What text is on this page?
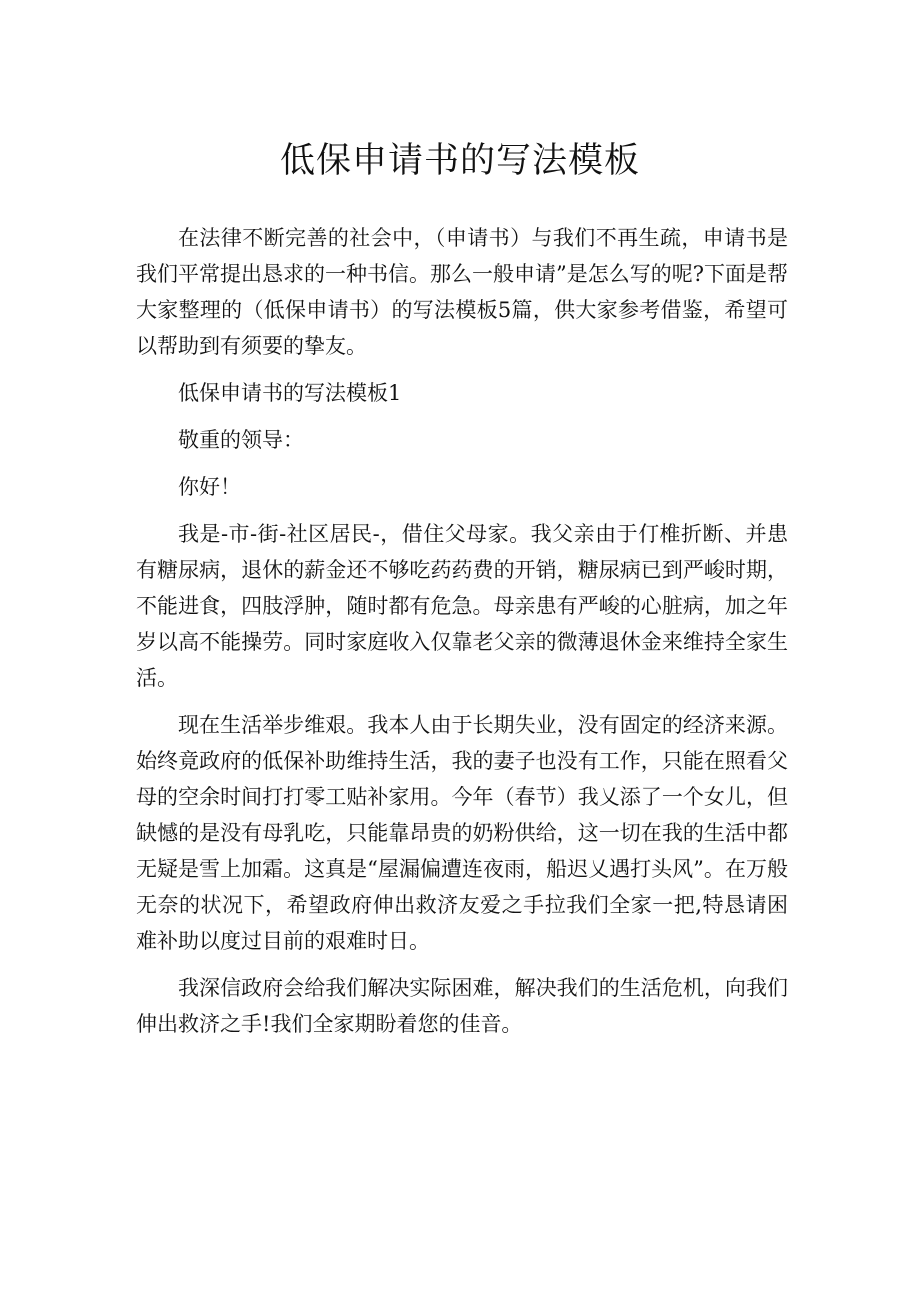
低保申请书的写法模板

在法律不断完善的社会中，（申请书）与我们不再生疏，申请书是我们平常提出恳求的一种书信。那么一般申请”是怎么写的呢?下面是帮大家整理的（低保申请书）的写法模板5篇，供大家参考借鉴，希望可以帮助到有须要的挚友。

低保申请书的写法模板1

敬重的领导：

你好！

我是-市-街-社区居民-，借住父母家。我父亲由于仃椎折断、并患有糖尿病，退休的薪金还不够吃药药费的开销，糖尿病已到严峻时期，不能进食，四肢浮肿，随时都有危急。母亲患有严峻的心脏病，加之年岁以高不能操劳。同时家庭收入仅靠老父亲的微薄退休金来维持全家生活。

现在生活举步维艰。我本人由于长期失业，没有固定的经济来源。始终竟政府的低保补助维持生活，我的妻子也没有工作，只能在照看父母的空余时间打打零工贴补家用。今年（春节）我乂添了一个女儿，但缺憾的是没有母乳吃，只能靠昂贵的奶粉供给，这一切在我的生活中都无疑是雪上加霜。这真是“屋漏偏遭连夜雨，船迟乂遇打头风”。在万般无奈的状况下，希望政府伸出救济友爱之手拉我们全家一把,特恳请困难补助以度过目前的艰难时日。

我深信政府会给我们解决实际困难，解决我们的生活危机，向我们伸出救济之手!我们全家期盼着您的佳音。
